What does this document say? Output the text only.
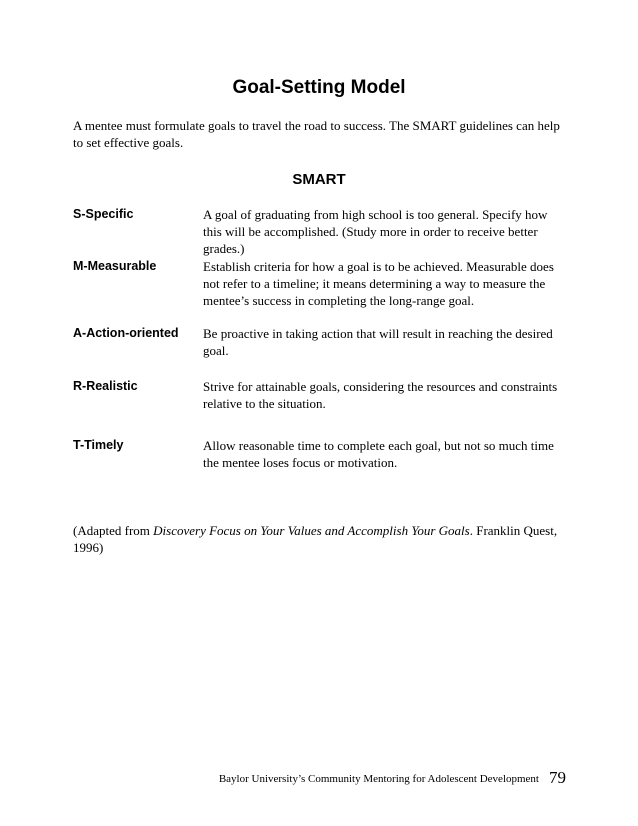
Goal-Setting Model
A mentee must formulate goals to travel the road to success. The SMART guidelines can help to set effective goals.
SMART
S-Specific	A goal of graduating from high school is too general. Specify how this will be accomplished. (Study more in order to receive better grades.)
M-Measurable	Establish criteria for how a goal is to be achieved. Measurable does not refer to a timeline; it means determining a way to measure the mentee’s success in completing the long-range goal.
A-Action-oriented	Be proactive in taking action that will result in reaching the desired goal.
R-Realistic	Strive for attainable goals, considering the resources and constraints relative to the situation.
T-Timely	Allow reasonable time to complete each goal, but not so much time the mentee loses focus or motivation.
(Adapted from Discovery Focus on Your Values and Accomplish Your Goals. Franklin Quest, 1996)
Baylor University’s Community Mentoring for Adolescent Development 79
